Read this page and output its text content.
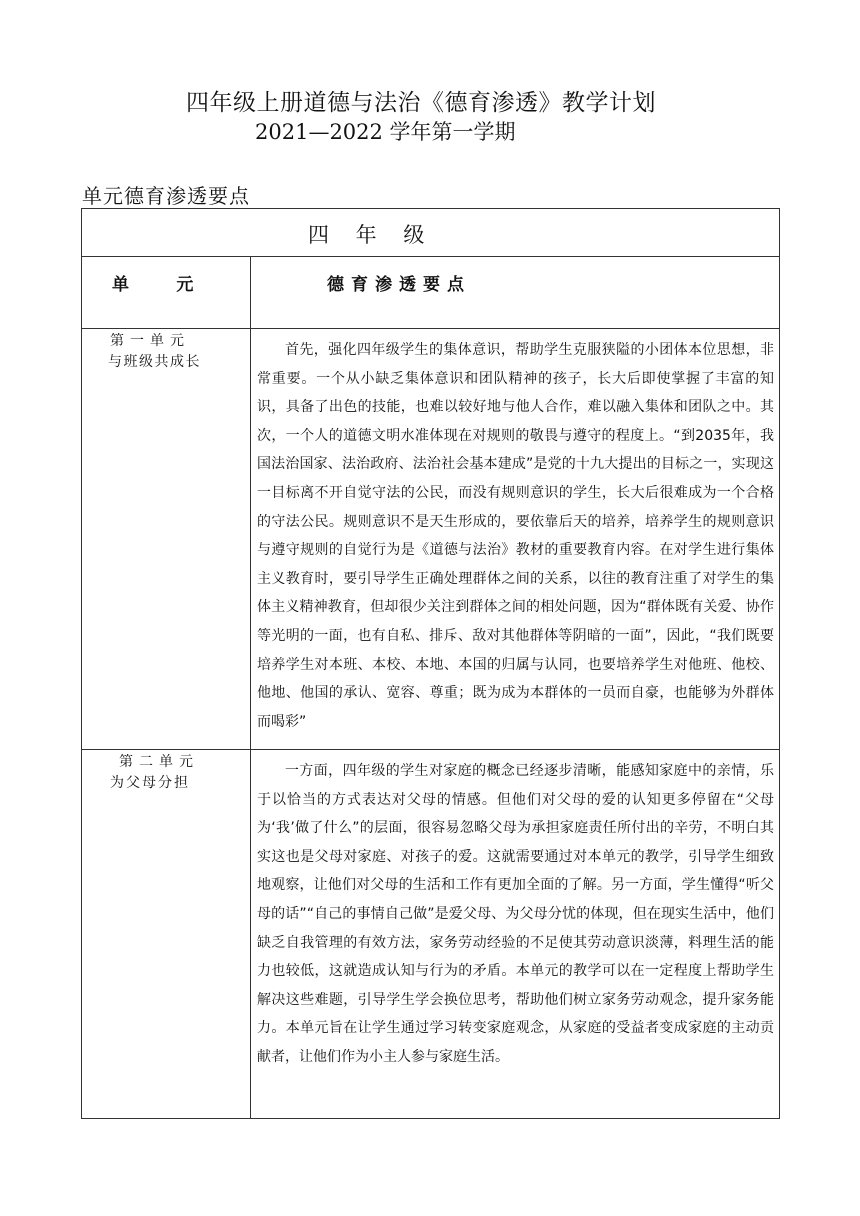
四年级上册道德与法治《德育渗透》教学计划
2021—2022 学年第一学期
单元德育渗透要点
四 年 级	

单        元	德育渗透要点

第一单元
与班级共成长	首先，强化四年级学生的集体意识，帮助学生克服狭隘的小团体本位思想，非常重要。一个从小缺乏集体意识和团队精神的孩子，长大后即使掌握了丰富的知识，具备了出色的技能，也难以较好地与他人合作，难以融入集体和团队之中。其次，一个人的道德文明水准体现在对规则的敬畏与遵守的程度上。“到2035年，我国法治国家、法治政府、法治社会基本建成”是党的十九大提出的目标之一，实现这一目标离不开自觉守法的公民，而没有规则意识的学生，长大后很难成为一个合格的守法公民。规则意识不是天生形成的，要依靠后天的培养，培养学生的规则意识与遵守规则的自觉行为是《道德与法治》教材的重要教育内容。在对学生进行集体主义教育时，要引导学生正确处理群体之间的关系，以往的教育注重了对学生的集体主义精神教育，但却很少关注到群体之间的相处问题，因为“群体既有关爱、协作等光明的一面，也有自私、排斥、敌对其他群体等阴暗的一面”，因此，“我们既要培养学生对本班、本校、本地、本国的归属与认同，也要培养学生对他班、他校、他地、他国的承认、宽容、尊重；既为成为本群体的一员而自豪，也能够为外群体而喝彩”

第二单元
为父母分担	一方面，四年级的学生对家庭的概念已经逐步清晰，能感知家庭中的亲情，乐于以恰当的方式表达对父母的情感。但他们对父母的爱的认知更多停留在“父母为‘我’做了什么”的层面，很容易忽略父母为承担家庭责任所付出的辛劳，不明白其实这也是父母对家庭、对孩子的爱。这就需要通过对本单元的教学，引导学生细致地观察，让他们对父母的生活和工作有更加全面的了解。另一方面，学生懂得“听父母的话”“自己的事情自己做”是爱父母、为父母分忧的体现，但在现实生活中，他们缺乏自我管理的有效方法，家务劳动经验的不足使其劳动意识淡薄，料理生活的能力也较低，这就造成认知与行为的矛盾。本单元的教学可以在一定程度上帮助学生解决这些难题，引导学生学会换位思考，帮助他们树立家务劳动观念，提升家务能力。本单元旨在让学生通过学习转变家庭观念，从家庭的受益者变成家庭的主动贡献者，让他们作为小主人参与家庭生活。
